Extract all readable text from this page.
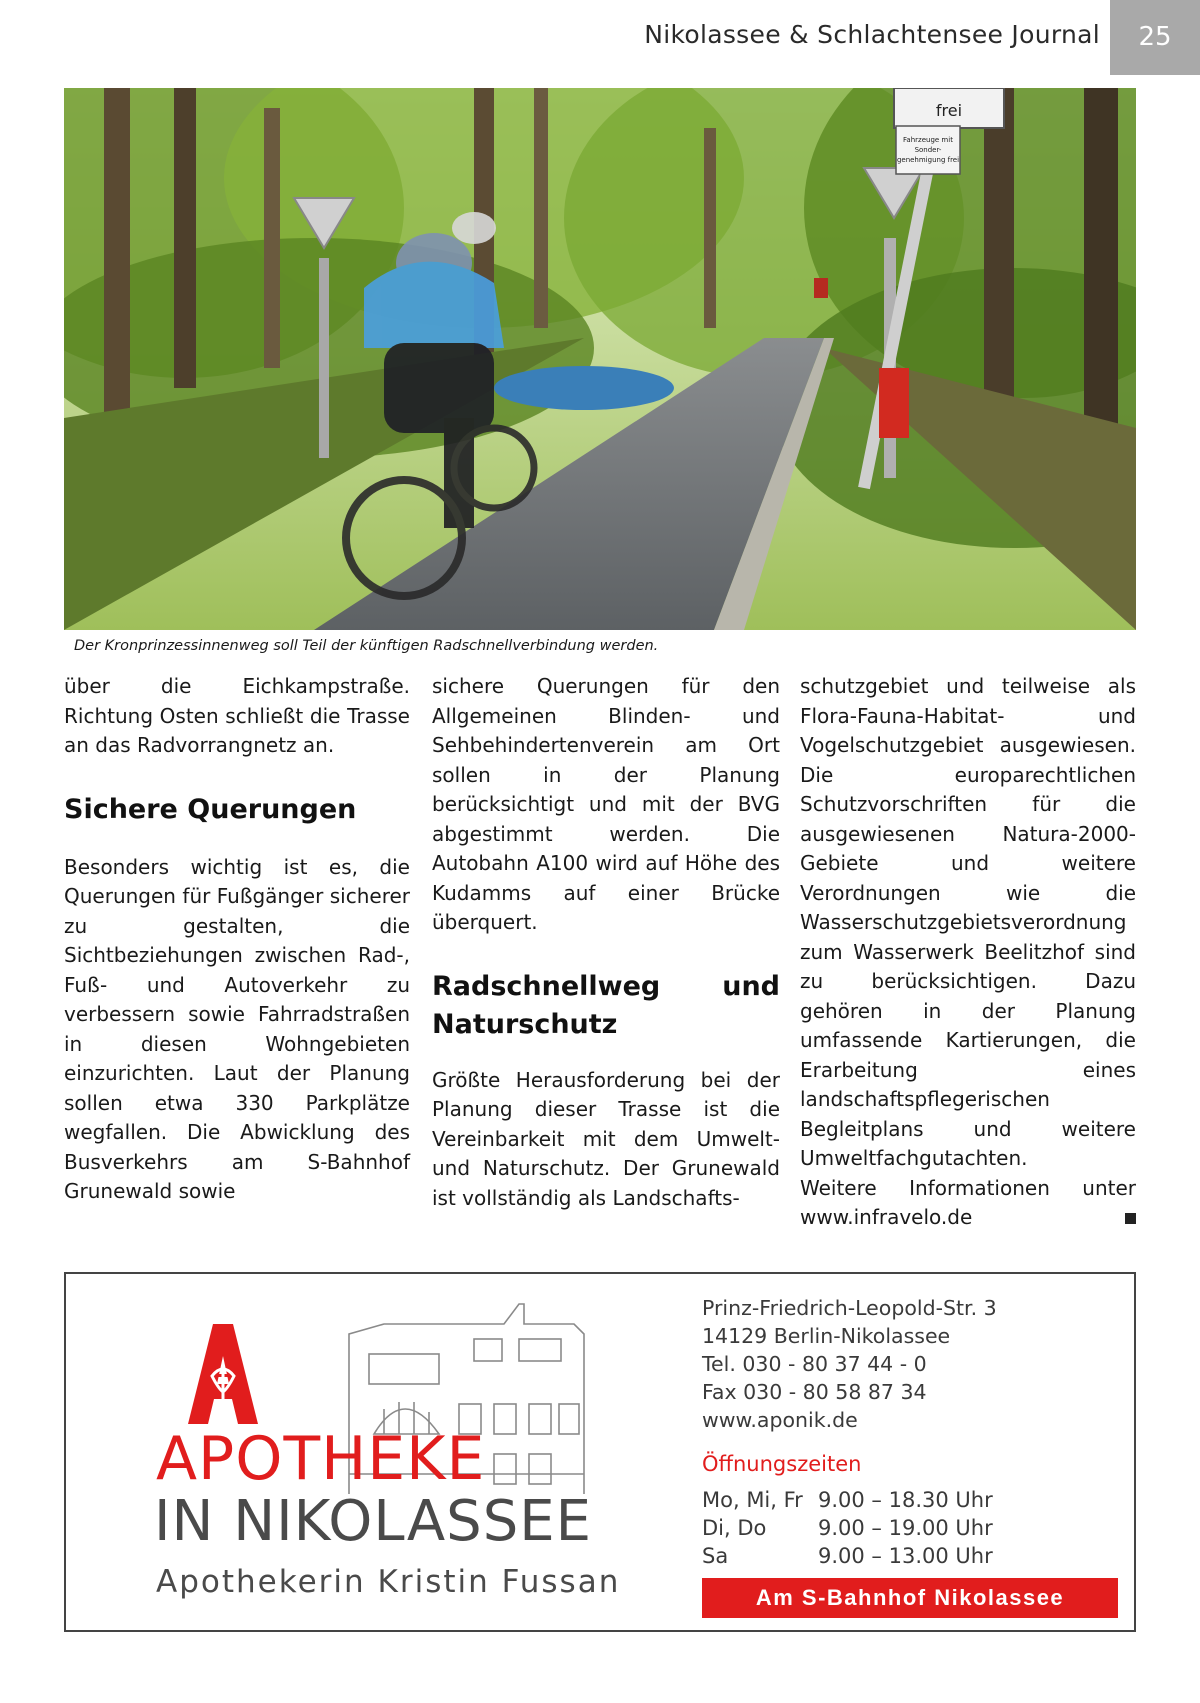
Nikolassee & Schlachtensee Journal	25
frei
Fahrzeuge mit
Sonder-
genehmigung frei
Der Kronprinzessinnenweg soll Teil der künftigen Radschnellverbindung werden.

über die Eichkampstraße. Richtung Osten schließt die Trasse an das Radvorrangnetz an.

Sichere Querungen

Besonders wichtig ist es, die Querungen für Fußgänger sicherer zu gestalten, die Sichtbeziehungen zwischen Rad-, Fuß- und Autoverkehr zu verbessern sowie Fahrradstraßen in diesen Wohngebieten einzurichten. Laut der Planung sollen etwa 330 Parkplätze wegfallen. Die Abwicklung des Busverkehrs am S-Bahnhof Grunewald sowie

sichere Querungen für den Allgemeinen Blinden- und Sehbehindertenverein am Ort sollen in der Planung berücksichtigt und mit der BVG abgestimmt werden. Die Autobahn A100 wird auf Höhe des Kudamms auf einer Brücke überquert.

Radschnellweg und Naturschutz

Größte Herausforderung bei der Planung dieser Trasse ist die Vereinbarkeit mit dem Umwelt- und Naturschutz. Der Grunewald ist vollständig als Landschafts-

schutzgebiet und teilweise als Flora-Fauna-Habitat- und Vogelschutzgebiet ausgewiesen. Die europarechtlichen Schutzvorschriften für die ausgewiesenen Natura-2000-Gebiete und weitere Verordnungen wie die Wasserschutzgebietsverordnung zum Wasserwerk Beelitzhof sind zu berücksichtigen. Dazu gehören in der Planung umfassende Kartierungen, die Erarbeitung eines landschaftspflegerischen Begleitplans und weitere Umweltfachgutachten.

Weitere Informationen unter www.infravelo.de

APOTHEKE
IN NIKOLASSEE
Apothekerin Kristin Fussan
Prinz-Friedrich-Leopold-Str. 3
14129 Berlin-Nikolassee
Tel. 030 - 80 37 44 - 0
Fax 030 - 80 58 87 34
www.aponik.de
Öffnungszeiten
Mo, Mi, Fr 9.00 – 18.30 Uhr
Di, Do	9.00 – 19.00 Uhr
Sa	9.00 – 13.00 Uhr
Am S-Bahnhof Nikolassee
